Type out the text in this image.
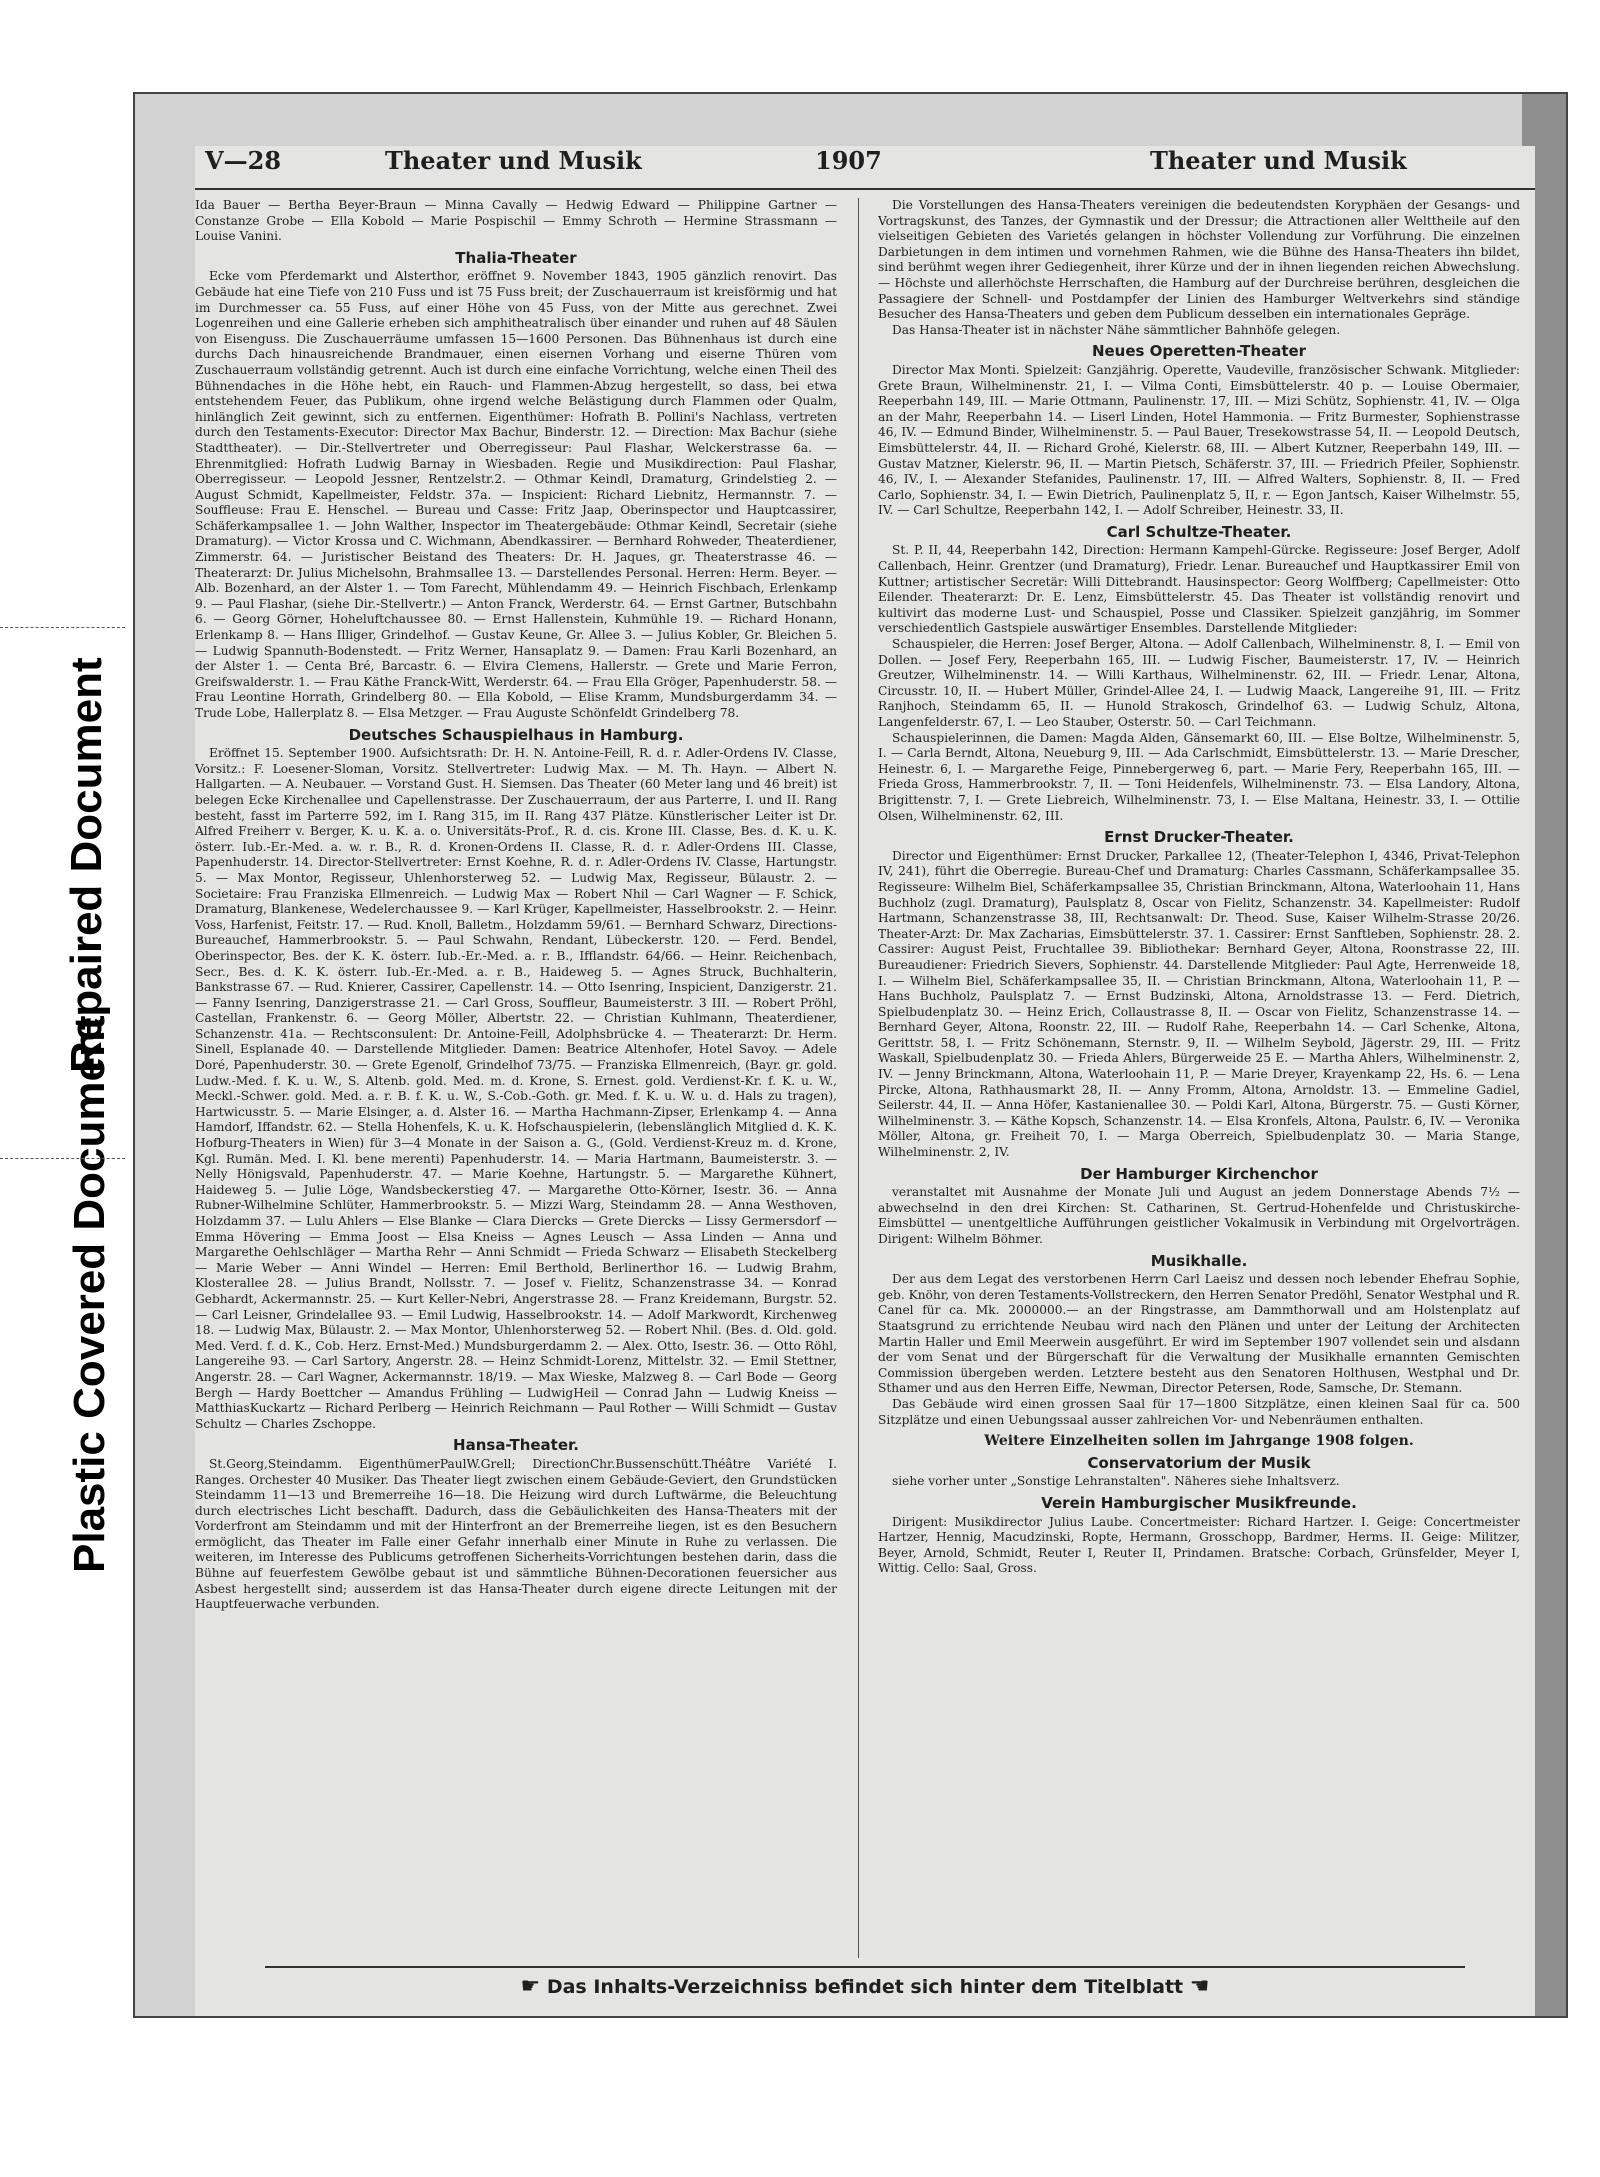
Repaired Document
Plastic Covered Document
V—28	Theater und Musik	1907	Theater und Musik

Ida Bauer — Bertha Beyer-Braun — Minna Cavally — Hedwig Edward — Philippine Gartner — Constanze Grobe — Ella Kobold — Marie Pospischil — Emmy Schroth — Hermine Strassmann — Louise Vanini.

Thalia-Theater

Ecke vom Pferdemarkt und Alsterthor, eröffnet 9. November 1843, 1905 gänzlich renovirt. Das Gebäude hat eine Tiefe von 210 Fuss und ist 75 Fuss breit; der Zuschauerraum ist kreisförmig und hat im Durchmesser ca. 55 Fuss, auf einer Höhe von 45 Fuss, von der Mitte aus gerechnet. Zwei Logenreihen und eine Gallerie erheben sich amphitheatralisch über einander und ruhen auf 48 Säulen von Eisenguss. Die Zuschauerräume umfassen 15—1600 Personen. Das Bühnenhaus ist durch eine durchs Dach hinausreichende Brandmauer, einen eisernen Vorhang und eiserne Thüren vom Zuschauerraum vollständig getrennt. Auch ist durch eine einfache Vorrichtung, welche einen Theil des Bühnendaches in die Höhe hebt, ein Rauch- und Flammen-Abzug hergestellt, so dass, bei etwa entstehendem Feuer, das Publikum, ohne irgend welche Belästigung durch Flammen oder Qualm, hinlänglich Zeit gewinnt, sich zu entfernen. Eigenthümer: Hofrath B. Pollini's Nachlass, vertreten durch den Testaments-Executor: Director Max Bachur, Binderstr. 12. — Direction: Max Bachur (siehe Stadttheater). — Dir.-Stellvertreter und Oberregisseur: Paul Flashar, Welckerstrasse 6a. — Ehrenmitglied: Hofrath Ludwig Barnay in Wiesbaden. Regie und Musikdirection: Paul Flashar, Oberregisseur. — Leopold Jessner, Rentzelstr.2. — Othmar Keindl, Dramaturg, Grindelstieg 2. — August Schmidt, Kapellmeister, Feldstr. 37a. — Inspicient: Richard Liebnitz, Hermannstr. 7. — Souffleuse: Frau E. Henschel. — Bureau und Casse: Fritz Jaap, Oberinspector und Hauptcassirer, Schäferkampsallee 1. — John Walther, Inspector im Theatergebäude: Othmar Keindl, Secretair (siehe Dramaturg). — Victor Krossa und C. Wichmann, Abendkassirer. — Bernhard Rohweder, Theaterdiener, Zimmerstr. 64. — Juristischer Beistand des Theaters: Dr. H. Jaques, gr. Theaterstrasse 46. — Theaterarzt: Dr. Julius Michelsohn, Brahmsallee 13. — Darstellendes Personal. Herren: Herm. Beyer. — Alb. Bozenhard, an der Alster 1. — Tom Farecht, Mühlendamm 49. — Heinrich Fischbach, Erlenkamp 9. — Paul Flashar, (siehe Dir.-Stellvertr.) — Anton Franck, Werderstr. 64. — Ernst Gartner, Butschbahn 6. — Georg Görner, Hoheluftchaussee 80. — Ernst Hallenstein, Kuhmühle 19. — Richard Honann, Erlenkamp 8. — Hans Illiger, Grindelhof. — Gustav Keune, Gr. Allee 3. — Julius Kobler, Gr. Bleichen 5. — Ludwig Spannuth-Bodenstedt. — Fritz Werner, Hansaplatz 9. — Damen: Frau Karli Bozenhard, an der Alster 1. — Centa Bré, Barcastr. 6. — Elvira Clemens, Hallerstr. — Grete und Marie Ferron, Greifswalderstr. 1. — Frau Käthe Franck-Witt, Werderstr. 64. — Frau Ella Gröger, Papenhuderstr. 58. — Frau Leontine Horrath, Grindelberg 80. — Ella Kobold, — Elise Kramm, Mundsburgerdamm 34. — Trude Lobe, Hallerplatz 8. — Elsa Metzger. — Frau Auguste Schönfeldt Grindelberg 78.

Deutsches Schauspielhaus in Hamburg.

Eröffnet 15. September 1900. Aufsichtsrath: Dr. H. N. Antoine-Feill, R. d. r. Adler-Ordens IV. Classe, Vorsitz.: F. Loesener-Sloman, Vorsitz. Stellvertreter: Ludwig Max. — M. Th. Hayn. — Albert N. Hallgarten. — A. Neubauer. — Vorstand Gust. H. Siemsen. Das Theater (60 Meter lang und 46 breit) ist belegen Ecke Kirchenallee und Capellenstrasse. Der Zuschauerraum, der aus Parterre, I. und II. Rang besteht, fasst im Parterre 592, im I. Rang 315, im II. Rang 437 Plätze. Künstlerischer Leiter ist Dr. Alfred Freiherr v. Berger, K. u. K. a. o. Universitäts-Prof., R. d. cis. Krone III. Classe, Bes. d. K. u. K. österr. Iub.-Er.-Med. a. w. r. B., R. d. Kronen-Ordens II. Classe, R. d. r. Adler-Ordens III. Classe, Papenhuderstr. 14. Director-Stellvertreter: Ernst Koehne, R. d. r. Adler-Ordens IV. Classe, Hartungstr. 5. — Max Montor, Regisseur, Uhlenhorsterweg 52. — Ludwig Max, Regisseur, Bülaustr. 2. — Societaire: Frau Franziska Ellmenreich. — Ludwig Max — Robert Nhil — Carl Wagner — F. Schick, Dramaturg, Blankenese, Wedelerchaussee 9. — Karl Krüger, Kapellmeister, Hasselbrookstr. 2. — Heinr. Voss, Harfenist, Feitstr. 17. — Rud. Knoll, Balletm., Holzdamm 59/61. — Bernhard Schwarz, Directions-Bureauchef, Hammerbrookstr. 5. — Paul Schwahn, Rendant, Lübeckerstr. 120. — Ferd. Bendel, Oberinspector, Bes. der K. K. österr. Iub.-Er.-Med. a. r. B., Ifflandstr. 64/66. — Heinr. Reichenbach, Secr., Bes. d. K. K. österr. Iub.-Er.-Med. a. r. B., Haideweg 5. — Agnes Struck, Buchhalterin, Bankstrasse 67. — Rud. Knierer, Cassirer, Capellenstr. 14. — Otto Isenring, Inspicient, Danzigerstr. 21. — Fanny Isenring, Danzigerstrasse 21. — Carl Gross, Souffleur, Baumeisterstr. 3 III. — Robert Pröhl, Castellan, Frankenstr. 6. — Georg Möller, Albertstr. 22. — Christian Kuhlmann, Theaterdiener, Schanzenstr. 41a. — Rechtsconsulent: Dr. Antoine-Feill, Adolphsbrücke 4. — Theaterarzt: Dr. Herm. Sinell, Esplanade 40. — Darstellende Mitglieder. Damen: Beatrice Altenhofer, Hotel Savoy. — Adele Doré, Papenhuderstr. 30. — Grete Egenolf, Grindelhof 73/75. — Franziska Ellmenreich, (Bayr. gr. gold. Ludw.-Med. f. K. u. W., S. Altenb. gold. Med. m. d. Krone, S. Ernest. gold. Verdienst-Kr. f. K. u. W., Meckl.-Schwer. gold. Med. a. r. B. f. K. u. W., S.-Cob.-Goth. gr. Med. f. K. u. W. u. d. Hals zu tragen), Hartwicusstr. 5. — Marie Elsinger, a. d. Alster 16. — Martha Hachmann-Zipser, Erlenkamp 4. — Anna Hamdorf, Iffandstr. 62. — Stella Hohenfels, K. u. K. Hofschauspielerin, (lebenslänglich Mitglied d. K. K. Hofburg-Theaters in Wien) für 3—4 Monate in der Saison a. G., (Gold. Verdienst-Kreuz m. d. Krone, Kgl. Rumän. Med. I. Kl. bene merenti) Papenhuderstr. 14. — Maria Hartmann, Baumeisterstr. 3. — Nelly Hönigsvald, Papenhuderstr. 47. — Marie Koehne, Hartungstr. 5. — Margarethe Kühnert, Haideweg 5. — Julie Löge, Wandsbeckerstieg 47. — Margarethe Otto-Körner, Isestr. 36. — Anna Rubner-Wilhelmine Schlüter, Hammerbrookstr. 5. — Mizzi Warg, Steindamm 28. — Anna Westhoven, Holzdamm 37. — Lulu Ahlers — Else Blanke — Clara Diercks — Grete Diercks — Lissy Germersdorf — Emma Hövering — Emma Joost — Elsa Kneiss — Agnes Leusch — Assa Linden — Anna und Margarethe Oehlschläger — Martha Rehr — Anni Schmidt — Frieda Schwarz — Elisabeth Steckelberg — Marie Weber — Anni Windel — Herren: Emil Berthold, Berlinerthor 16. — Ludwig Brahm, Klosterallee 28. — Julius Brandt, Nollsstr. 7. — Josef v. Fielitz, Schanzenstrasse 34. — Konrad Gebhardt, Ackermannstr. 25. — Kurt Keller-Nebri, Angerstrasse 28. — Franz Kreidemann, Burgstr. 52. — Carl Leisner, Grindelallee 93. — Emil Ludwig, Hasselbrookstr. 14. — Adolf Markwordt, Kirchenweg 18. — Ludwig Max, Bülaustr. 2. — Max Montor, Uhlenhorsterweg 52. — Robert Nhil. (Bes. d. Old. gold. Med. Verd. f. d. K., Cob. Herz. Ernst-Med.) Mundsburgerdamm 2. — Alex. Otto, Isestr. 36. — Otto Röhl, Langereihe 93. — Carl Sartory, Angerstr. 28. — Heinz Schmidt-Lorenz, Mittelstr. 32. — Emil Stettner, Angerstr. 28. — Carl Wagner, Ackermannstr. 18/19. — Max Wieske, Malzweg 8. — Carl Bode — Georg Bergh — Hardy Boettcher — Amandus Frühling — LudwigHeil — Conrad Jahn — Ludwig Kneiss — MatthiasKuckartz — Richard Perlberg — Heinrich Reichmann — Paul Rother — Willi Schmidt — Gustav Schultz — Charles Zschoppe.

Hansa-Theater.

St.Georg,Steindamm. EigenthümerPaulW.Grell; DirectionChr.Bussenschütt.Théâtre Variété I. Ranges. Orchester 40 Musiker. Das Theater liegt zwischen einem Gebäude-Geviert, den Grundstücken Steindamm 11—13 und Bremerreihe 16—18. Die Heizung wird durch Luftwärme, die Beleuchtung durch electrisches Licht beschafft. Dadurch, dass die Gebäulichkeiten des Hansa-Theaters mit der Vorderfront am Steindamm und mit der Hinterfront an der Bremerreihe liegen, ist es den Besuchern ermöglicht, das Theater im Falle einer Gefahr innerhalb einer Minute in Ruhe zu verlassen. Die weiteren, im Interesse des Publicums getroffenen Sicherheits-Vorrichtungen bestehen darin, dass die Bühne auf feuerfestem Gewölbe gebaut ist und sämmtliche Bühnen-Decorationen feuersicher aus Asbest hergestellt sind; ausserdem ist das Hansa-Theater durch eigene directe Leitungen mit der Hauptfeuerwache verbunden.

Die Vorstellungen des Hansa-Theaters vereinigen die bedeutendsten Koryphäen der Gesangs- und Vortragskunst, des Tanzes, der Gymnastik und der Dressur; die Attractionen aller Welttheile auf den vielseitigen Gebieten des Varietés gelangen in höchster Vollendung zur Vorführung. Die einzelnen Darbietungen in dem intimen und vornehmen Rahmen, wie die Bühne des Hansa-Theaters ihn bildet, sind berühmt wegen ihrer Gediegenheit, ihrer Kürze und der in ihnen liegenden reichen Abwechslung. — Höchste und allerhöchste Herrschaften, die Hamburg auf der Durchreise berühren, desgleichen die Passagiere der Schnell- und Postdampfer der Linien des Hamburger Weltverkehrs sind ständige Besucher des Hansa-Theaters und geben dem Publicum desselben ein internationales Gepräge.

Das Hansa-Theater ist in nächster Nähe sämmtlicher Bahnhöfe gelegen.

Neues Operetten-Theater

Director Max Monti. Spielzeit: Ganzjährig. Operette, Vaudeville, französischer Schwank. Mitglieder: Grete Braun, Wilhelminenstr. 21, I. — Vilma Conti, Eimsbüttelerstr. 40 p. — Louise Obermaier, Reeperbahn 149, III. — Marie Ottmann, Paulinenstr. 17, III. — Mizi Schütz, Sophienstr. 41, IV. — Olga an der Mahr, Reeperbahn 14. — Liserl Linden, Hotel Hammonia. — Fritz Burmester, Sophienstrasse 46, IV. — Edmund Binder, Wilhelminenstr. 5. — Paul Bauer, Tresekowstrasse 54, II. — Leopold Deutsch, Eimsbüttelerstr. 44, II. — Richard Grohé, Kielerstr. 68, III. — Albert Kutzner, Reeperbahn 149, III. — Gustav Matzner, Kielerstr. 96, II. — Martin Pietsch, Schäferstr. 37, III. — Friedrich Pfeiler, Sophienstr. 46, IV., I. — Alexander Stefanides, Paulinenstr. 17, III. — Alfred Walters, Sophienstr. 8, II. — Fred Carlo, Sophienstr. 34, I. — Ewin Dietrich, Paulinenplatz 5, II, r. — Egon Jantsch, Kaiser Wilhelmstr. 55, IV. — Carl Schultze, Reeperbahn 142, I. — Adolf Schreiber, Heinestr. 33, II.

Carl Schultze-Theater.

St. P. II, 44, Reeperbahn 142, Direction: Hermann Kampehl-Gürcke. Regisseure: Josef Berger, Adolf Callenbach, Heinr. Grentzer (und Dramaturg), Friedr. Lenar. Bureauchef und Hauptkassirer Emil von Kuttner; artistischer Secretär: Willi Dittebrandt. Hausinspector: Georg Wolffberg; Capellmeister: Otto Eilender. Theaterarzt: Dr. E. Lenz, Eimsbüttelerstr. 45. Das Theater ist vollständig renovirt und kultivirt das moderne Lust- und Schauspiel, Posse und Classiker. Spielzeit ganzjährig, im Sommer verschiedentlich Gastspiele auswärtiger Ensembles. Darstellende Mitglieder:

Schauspieler, die Herren: Josef Berger, Altona. — Adolf Callenbach, Wilhelminenstr. 8, I. — Emil von Dollen. — Josef Fery, Reeperbahn 165, III. — Ludwig Fischer, Baumeisterstr. 17, IV. — Heinrich Greutzer, Wilhelminenstr. 14. — Willi Karthaus, Wilhelminenstr. 62, III. — Friedr. Lenar, Altona, Circusstr. 10, II. — Hubert Müller, Grindel-Allee 24, I. — Ludwig Maack, Langereihe 91, III. — Fritz Ranjhoch, Steindamm 65, II. — Hunold Strakosch, Grindelhof 63. — Ludwig Schulz, Altona, Langenfelderstr. 67, I. — Leo Stauber, Osterstr. 50. — Carl Teichmann.

Schauspielerinnen, die Damen: Magda Alden, Gänsemarkt 60, III. — Else Boltze, Wilhelminenstr. 5, I. — Carla Berndt, Altona, Neueburg 9, III. — Ada Carlschmidt, Eimsbüttelerstr. 13. — Marie Drescher, Heinestr. 6, I. — Margarethe Feige, Pinnebergerweg 6, part. — Marie Fery, Reeperbahn 165, III. — Frieda Gross, Hammerbrookstr. 7, II. — Toni Heidenfels, Wilhelminenstr. 73. — Elsa Landory, Altona, Brigittenstr. 7, I. — Grete Liebreich, Wilhelminenstr. 73, I. — Else Maltana, Heinestr. 33, I. — Ottilie Olsen, Wilhelminenstr. 62, III.

Ernst Drucker-Theater.

Director und Eigenthümer: Ernst Drucker, Parkallee 12, (Theater-Telephon I, 4346, Privat-Telephon IV, 241), führt die Oberregie. Bureau-Chef und Dramaturg: Charles Cassmann, Schäferkampsallee 35. Regisseure: Wilhelm Biel, Schäferkampsallee 35, Christian Brinckmann, Altona, Waterloohain 11, Hans Buchholz (zugl. Dramaturg), Paulsplatz 8, Oscar von Fielitz, Schanzenstr. 34. Kapellmeister: Rudolf Hartmann, Schanzenstrasse 38, III, Rechtsanwalt: Dr. Theod. Suse, Kaiser Wilhelm-Strasse 20/26. Theater-Arzt: Dr. Max Zacharias, Eimsbüttelerstr. 37. 1. Cassirer: Ernst Sanftleben, Sophienstr. 28. 2. Cassirer: August Peist, Fruchtallee 39. Bibliothekar: Bernhard Geyer, Altona, Roonstrasse 22, III. Bureaudiener: Friedrich Sievers, Sophienstr. 44. Darstellende Mitglieder: Paul Agte, Herrenweide 18, I. — Wilhelm Biel, Schäferkampsallee 35, II. — Christian Brinckmann, Altona, Waterloohain 11, P. — Hans Buchholz, Paulsplatz 7. — Ernst Budzinski, Altona, Arnoldstrasse 13. — Ferd. Dietrich, Spielbudenplatz 30. — Heinz Erich, Collaustrasse 8, II. — Oscar von Fielitz, Schanzenstrasse 14. — Bernhard Geyer, Altona, Roonstr. 22, III. — Rudolf Rahe, Reeperbahn 14. — Carl Schenke, Altona, Gerittstr. 58, I. — Fritz Schönemann, Sternstr. 9, II. — Wilhelm Seybold, Jägerstr. 29, III. — Fritz Waskall, Spielbudenplatz 30. — Frieda Ahlers, Bürgerweide 25 E. — Martha Ahlers, Wilhelminenstr. 2, IV. — Jenny Brinckmann, Altona, Waterloohain 11, P. — Marie Dreyer, Krayenkamp 22, Hs. 6. — Lena Pircke, Altona, Rathhausmarkt 28, II. — Anny Fromm, Altona, Arnoldstr. 13. — Emmeline Gadiel, Seilerstr. 44, II. — Anna Höfer, Kastanienallee 30. — Poldi Karl, Altona, Bürgerstr. 75. — Gusti Körner, Wilhelminenstr. 3. — Käthe Kopsch, Schanzenstr. 14. — Elsa Kronfels, Altona, Paulstr. 6, IV. — Veronika Möller, Altona, gr. Freiheit 70, I. — Marga Oberreich, Spielbudenplatz 30. — Maria Stange, Wilhelminenstr. 2, IV.

Der Hamburger Kirchenchor

veranstaltet mit Ausnahme der Monate Juli und August an jedem Donnerstage Abends 7½ — abwechselnd in den drei Kirchen: St. Catharinen, St. Gertrud-Hohenfelde und Christuskirche-Eimsbüttel — unentgeltliche Aufführungen geistlicher Vokalmusik in Verbindung mit Orgelvorträgen. Dirigent: Wilhelm Böhmer.

Musikhalle.

Der aus dem Legat des verstorbenen Herrn Carl Laeisz und dessen noch lebender Ehefrau Sophie, geb. Knöhr, von deren Testaments-Vollstreckern, den Herren Senator Predöhl, Senator Westphal und R. Canel für ca. Mk. 2000000.— an der Ringstrasse, am Dammthorwall und am Holstenplatz auf Staatsgrund zu errichtende Neubau wird nach den Plänen und unter der Leitung der Architecten Martin Haller und Emil Meerwein ausgeführt. Er wird im September 1907 vollendet sein und alsdann der vom Senat und der Bürgerschaft für die Verwaltung der Musikhalle ernannten Gemischten Commission übergeben werden. Letztere besteht aus den Senatoren Holthusen, Westphal und Dr. Sthamer und aus den Herren Eiffe, Newman, Director Petersen, Rode, Samsche, Dr. Stemann.

Das Gebäude wird einen grossen Saal für 17—1800 Sitzplätze, einen kleinen Saal für ca. 500 Sitzplätze und einen Uebungssaal ausser zahlreichen Vor- und Nebenräumen enthalten.

Weitere Einzelheiten sollen im Jahrgange 1908 folgen.

Conservatorium der Musik

siehe vorher unter „Sonstige Lehranstalten". Näheres siehe Inhaltsverz.

Verein Hamburgischer Musikfreunde.

Dirigent: Musikdirector Julius Laube. Concertmeister: Richard Hartzer. I. Geige: Concertmeister Hartzer, Hennig, Macudzinski, Ropte, Hermann, Grosschopp, Bardmer, Herms. II. Geige: Militzer, Beyer, Arnold, Schmidt, Reuter I, Reuter II, Prindamen. Bratsche: Corbach, Grünsfelder, Meyer I, Wittig. Cello: Saal, Gross.

☛ Das Inhalts-Verzeichniss befindet sich hinter dem Titelblatt ☚
